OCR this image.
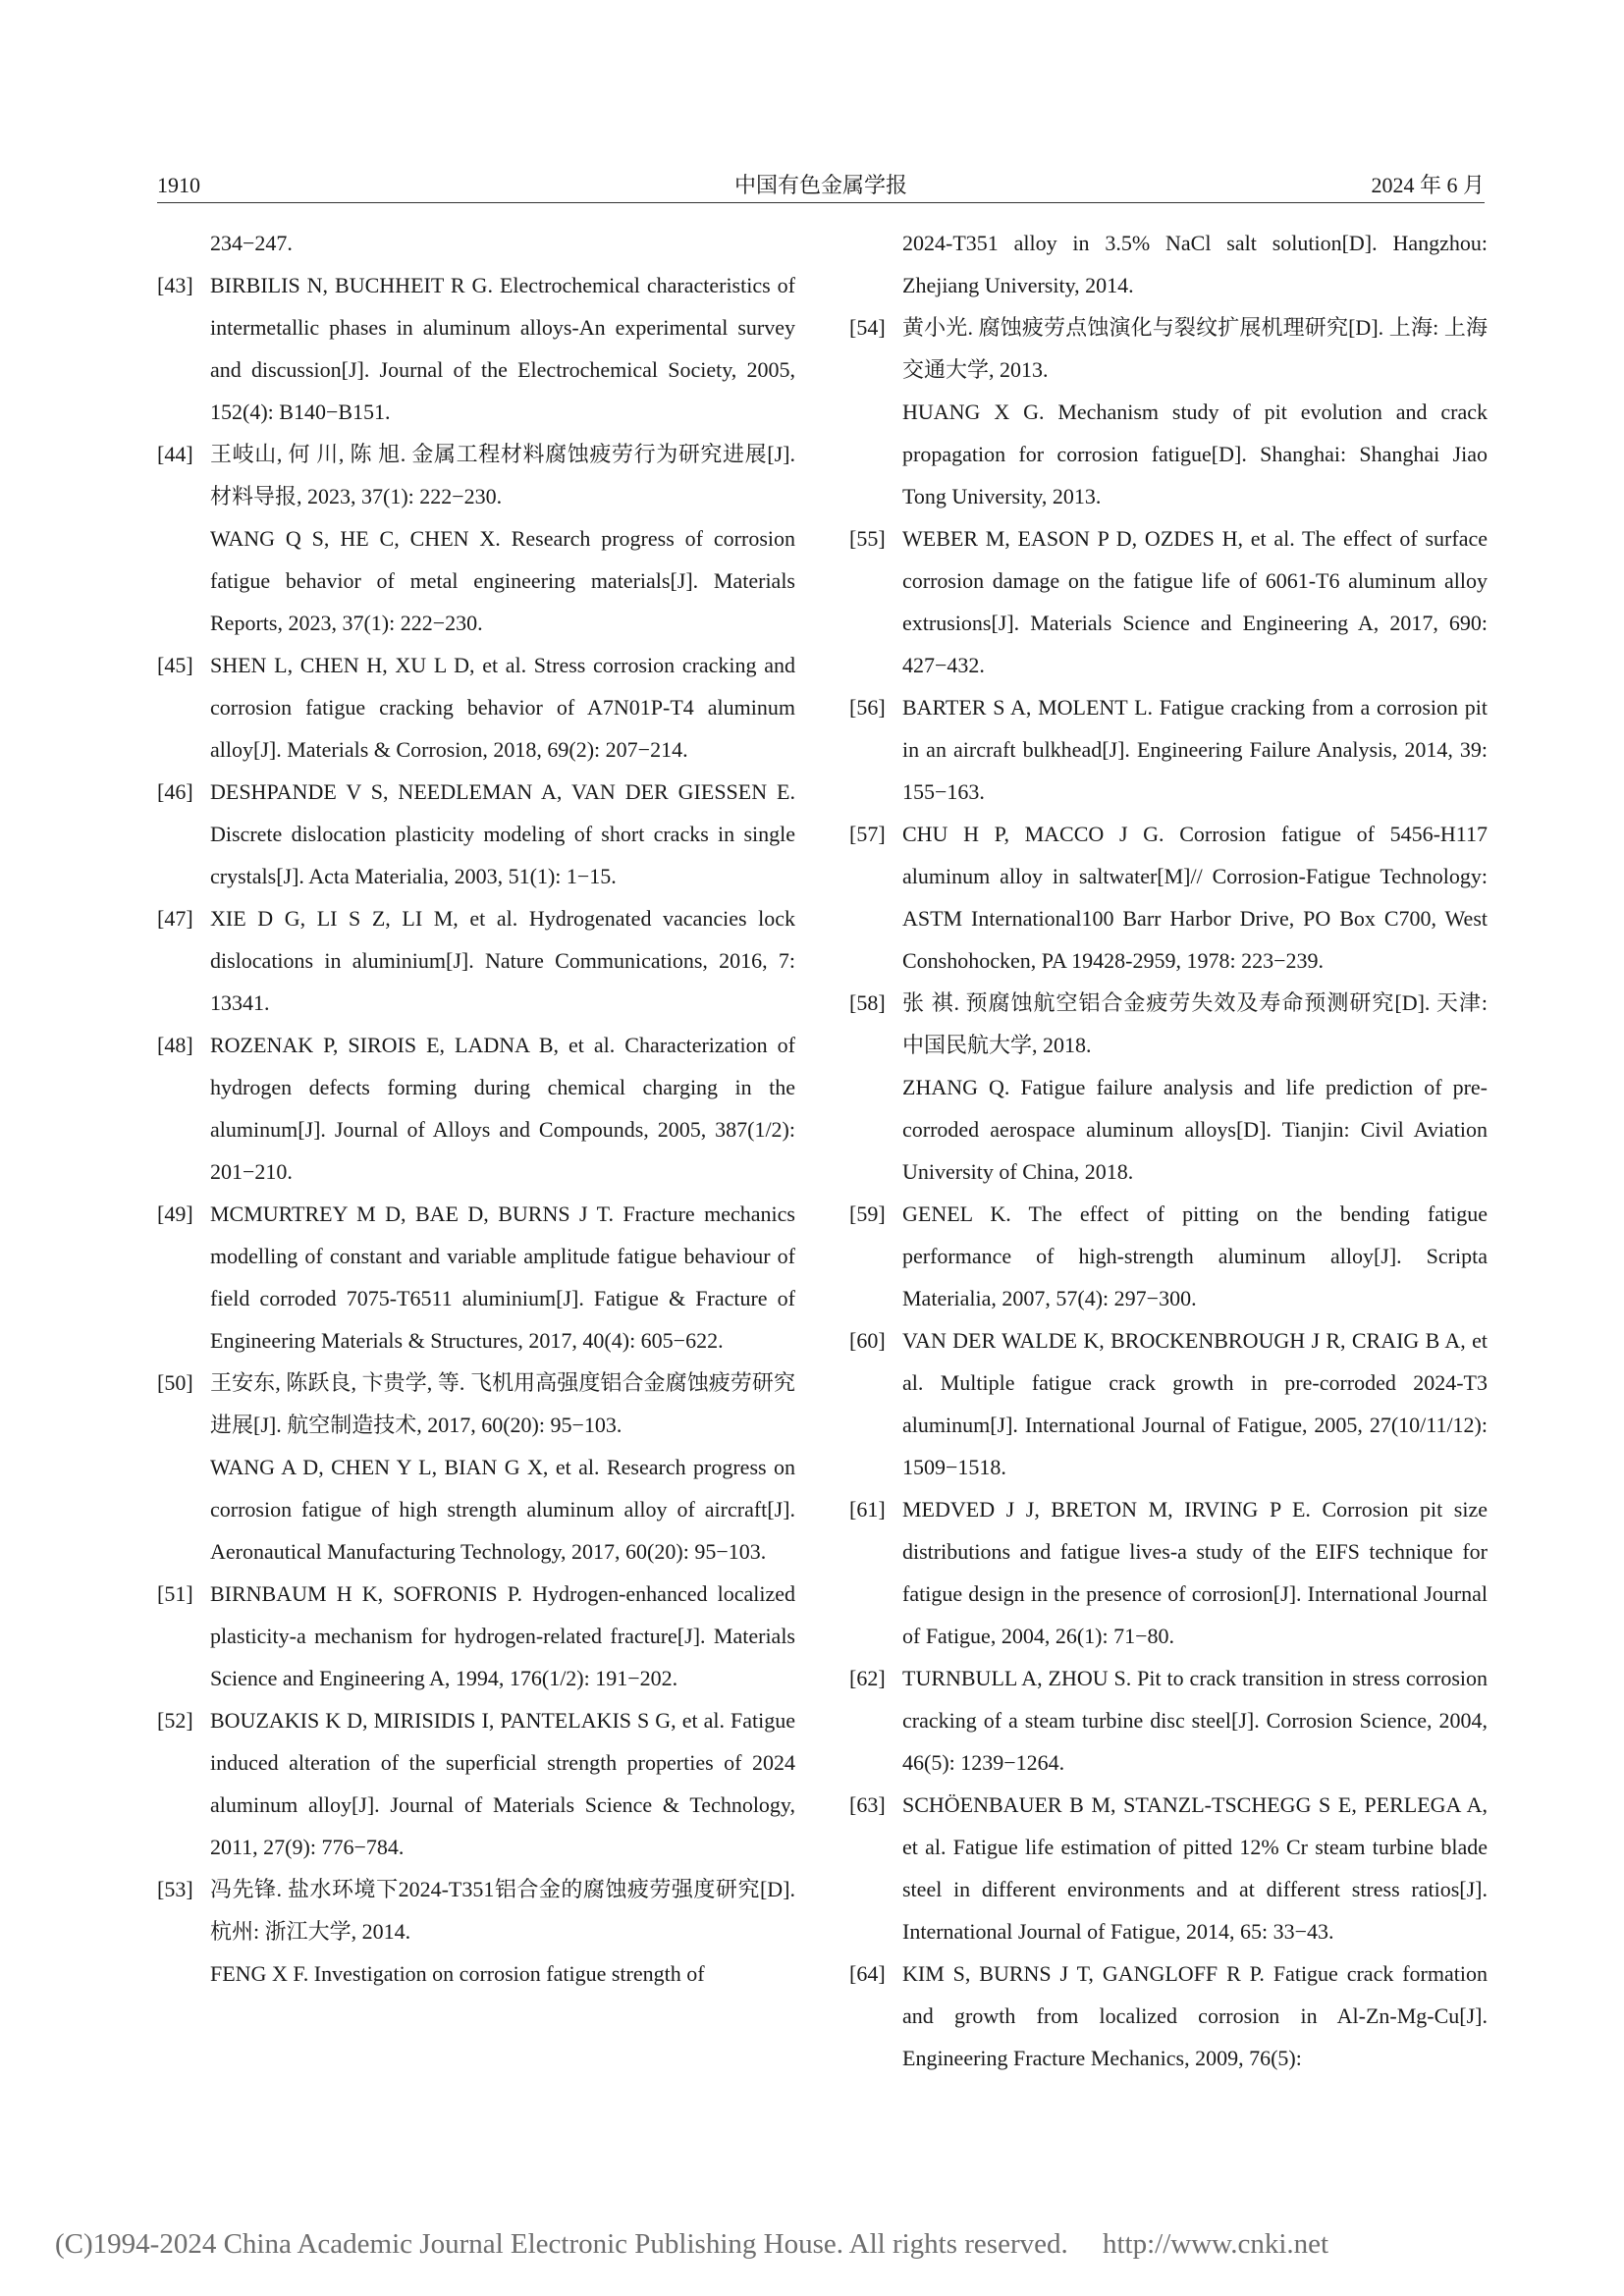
1910	中国有色金属学报	2024 年 6 月

234−247.

[43] BIRBILIS N, BUCHHEIT R G. Electrochemical characteristics of intermetallic phases in aluminum alloys-An experimental survey and discussion[J]. Journal of the Electrochemical Society, 2005, 152(4): B140−B151.

[44] 王岐山, 何 川, 陈 旭. 金属工程材料腐蚀疲劳行为研究进展[J]. 材料导报, 2023, 37(1): 222−230.

WANG Q S, HE C, CHEN X. Research progress of corrosion fatigue behavior of metal engineering materials[J]. Materials Reports, 2023, 37(1): 222−230.

[45] SHEN L, CHEN H, XU L D, et al. Stress corrosion cracking and corrosion fatigue cracking behavior of A7N01P-T4 aluminum alloy[J]. Materials & Corrosion, 2018, 69(2): 207−214.

[46] DESHPANDE V S, NEEDLEMAN A, VAN DER GIESSEN E. Discrete dislocation plasticity modeling of short cracks in single crystals[J]. Acta Materialia, 2003, 51(1): 1−15.

[47] XIE D G, LI S Z, LI M, et al. Hydrogenated vacancies lock dislocations in aluminium[J]. Nature Communications, 2016, 7: 13341.

[48] ROZENAK P, SIROIS E, LADNA B, et al. Characterization of hydrogen defects forming during chemical charging in the aluminum[J]. Journal of Alloys and Compounds, 2005, 387(1/2): 201−210.

[49] MCMURTREY M D, BAE D, BURNS J T. Fracture mechanics modelling of constant and variable amplitude fatigue behaviour of field corroded 7075-T6511 aluminium[J]. Fatigue & Fracture of Engineering Materials & Structures, 2017, 40(4): 605−622.

[50] 王安东, 陈跃良, 卞贵学, 等. 飞机用高强度铝合金腐蚀疲劳研究进展[J]. 航空制造技术, 2017, 60(20): 95−103.

WANG A D, CHEN Y L, BIAN G X, et al. Research progress on corrosion fatigue of high strength aluminum alloy of aircraft[J]. Aeronautical Manufacturing Technology, 2017, 60(20): 95−103.

[51] BIRNBAUM H K, SOFRONIS P. Hydrogen-enhanced localized plasticity-a mechanism for hydrogen-related fracture[J]. Materials Science and Engineering A, 1994, 176(1/2): 191−202.

[52] BOUZAKIS K D, MIRISIDIS I, PANTELAKIS S G, et al. Fatigue induced alteration of the superficial strength properties of 2024 aluminum alloy[J]. Journal of Materials Science & Technology, 2011, 27(9): 776−784.

[53] 冯先锋. 盐水环境下2024-T351铝合金的腐蚀疲劳强度研究[D]. 杭州: 浙江大学, 2014.

FENG X F. Investigation on corrosion fatigue strength of

2024-T351 alloy in 3.5% NaCl salt solution[D]. Hangzhou: Zhejiang University, 2014.

[54] 黄小光. 腐蚀疲劳点蚀演化与裂纹扩展机理研究[D]. 上海: 上海交通大学, 2013.

HUANG X G. Mechanism study of pit evolution and crack propagation for corrosion fatigue[D]. Shanghai: Shanghai Jiao Tong University, 2013.

[55] WEBER M, EASON P D, OZDES H, et al. The effect of surface corrosion damage on the fatigue life of 6061-T6 aluminum alloy extrusions[J]. Materials Science and Engineering A, 2017, 690: 427−432.

[56] BARTER S A, MOLENT L. Fatigue cracking from a corrosion pit in an aircraft bulkhead[J]. Engineering Failure Analysis, 2014, 39: 155−163.

[57] CHU H P, MACCO J G. Corrosion fatigue of 5456-H117 aluminum alloy in saltwater[M]// Corrosion-Fatigue Technology: ASTM International100 Barr Harbor Drive, PO Box C700, West Conshohocken, PA 19428-2959, 1978: 223−239.

[58] 张 祺. 预腐蚀航空铝合金疲劳失效及寿命预测研究[D]. 天津: 中国民航大学, 2018.

ZHANG Q. Fatigue failure analysis and life prediction of pre-corroded aerospace aluminum alloys[D]. Tianjin: Civil Aviation University of China, 2018.

[59] GENEL K. The effect of pitting on the bending fatigue performance of high-strength aluminum alloy[J]. Scripta Materialia, 2007, 57(4): 297−300.

[60] VAN DER WALDE K, BROCKENBROUGH J R, CRAIG B A, et al. Multiple fatigue crack growth in pre-corroded 2024-T3 aluminum[J]. International Journal of Fatigue, 2005, 27(10/11/12): 1509−1518.

[61] MEDVED J J, BRETON M, IRVING P E. Corrosion pit size distributions and fatigue lives-a study of the EIFS technique for fatigue design in the presence of corrosion[J]. International Journal of Fatigue, 2004, 26(1): 71−80.

[62] TURNBULL A, ZHOU S. Pit to crack transition in stress corrosion cracking of a steam turbine disc steel[J]. Corrosion Science, 2004, 46(5): 1239−1264.

[63] SCHÖENBAUER B M, STANZL-TSCHEGG S E, PERLEGA A, et al. Fatigue life estimation of pitted 12% Cr steam turbine blade steel in different environments and at different stress ratios[J]. International Journal of Fatigue, 2014, 65: 33−43.

[64] KIM S, BURNS J T, GANGLOFF R P. Fatigue crack formation and growth from localized corrosion in Al-Zn-Mg-Cu[J]. Engineering Fracture Mechanics, 2009, 76(5):

(C)1994-2024 China Academic Journal Electronic Publishing House. All rights reserved. http://www.cnki.net
